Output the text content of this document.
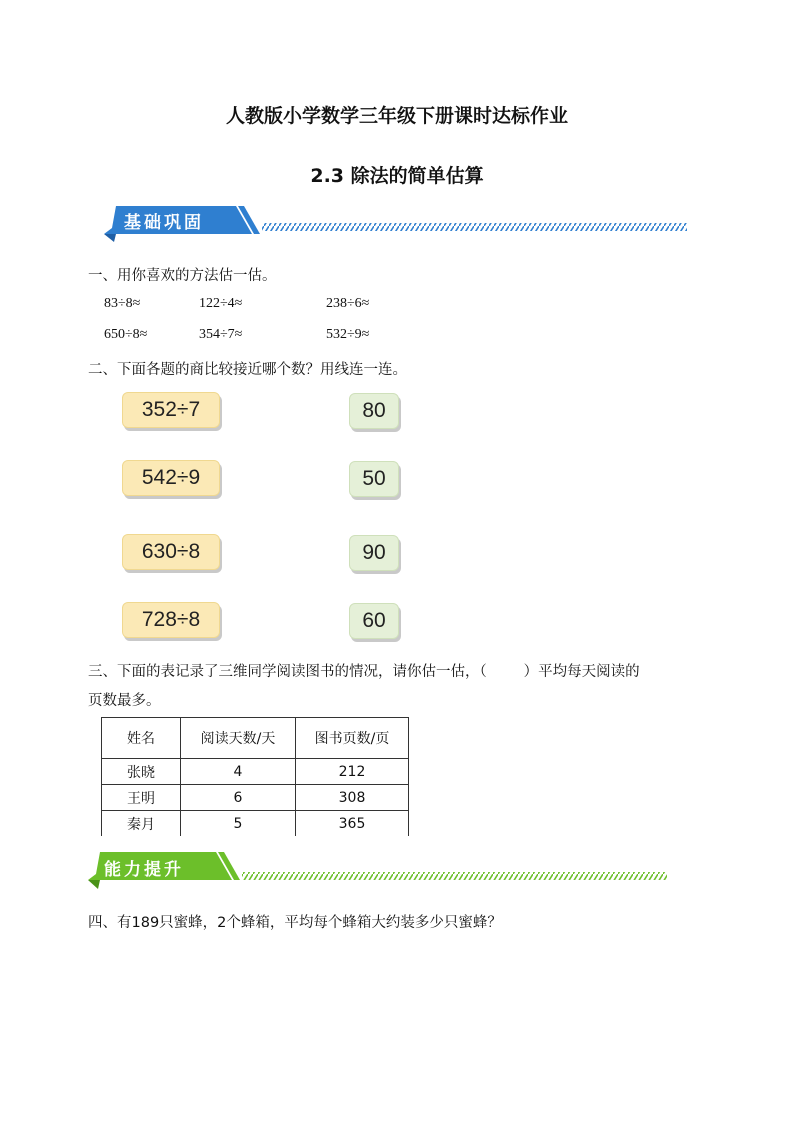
人教版小学数学三年级下册课时达标作业
2.3 除法的简单估算
基础巩固
一、用你喜欢的方法估一估。
83÷8≈	122÷4≈	238÷6≈
650÷8≈	354÷7≈	532÷9≈
二、下面各题的商比较接近哪个数？用线连一连。
352÷7
542÷9
630÷8
728÷8
80
50
90
60
三、下面的表记录了三维同学阅读图书的情况，请你估一估，（        ）平均每天阅读的
页数最多。
姓名	阅读天数/天	图书页数/页
张晓	4	212
王明	6	308
秦月	5	365
能力提升
四、有189只蜜蜂，2个蜂箱，平均每个蜂箱大约装多少只蜜蜂？
